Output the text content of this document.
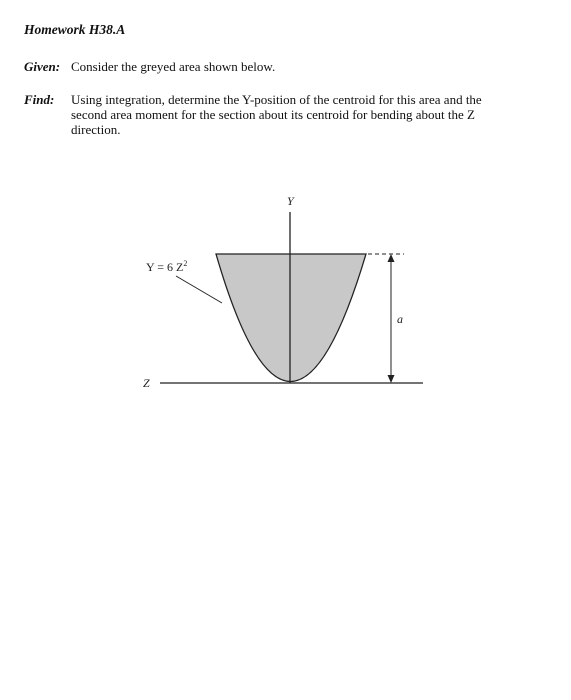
Homework H38.A
Given: Consider the greyed area shown below.
Find: Using integration, determine the Y-position of the centroid for this area and the
second area moment for the section about its centroid for bending about the Z
direction.
Y
Z
Y = 6 $Z^2$
a
